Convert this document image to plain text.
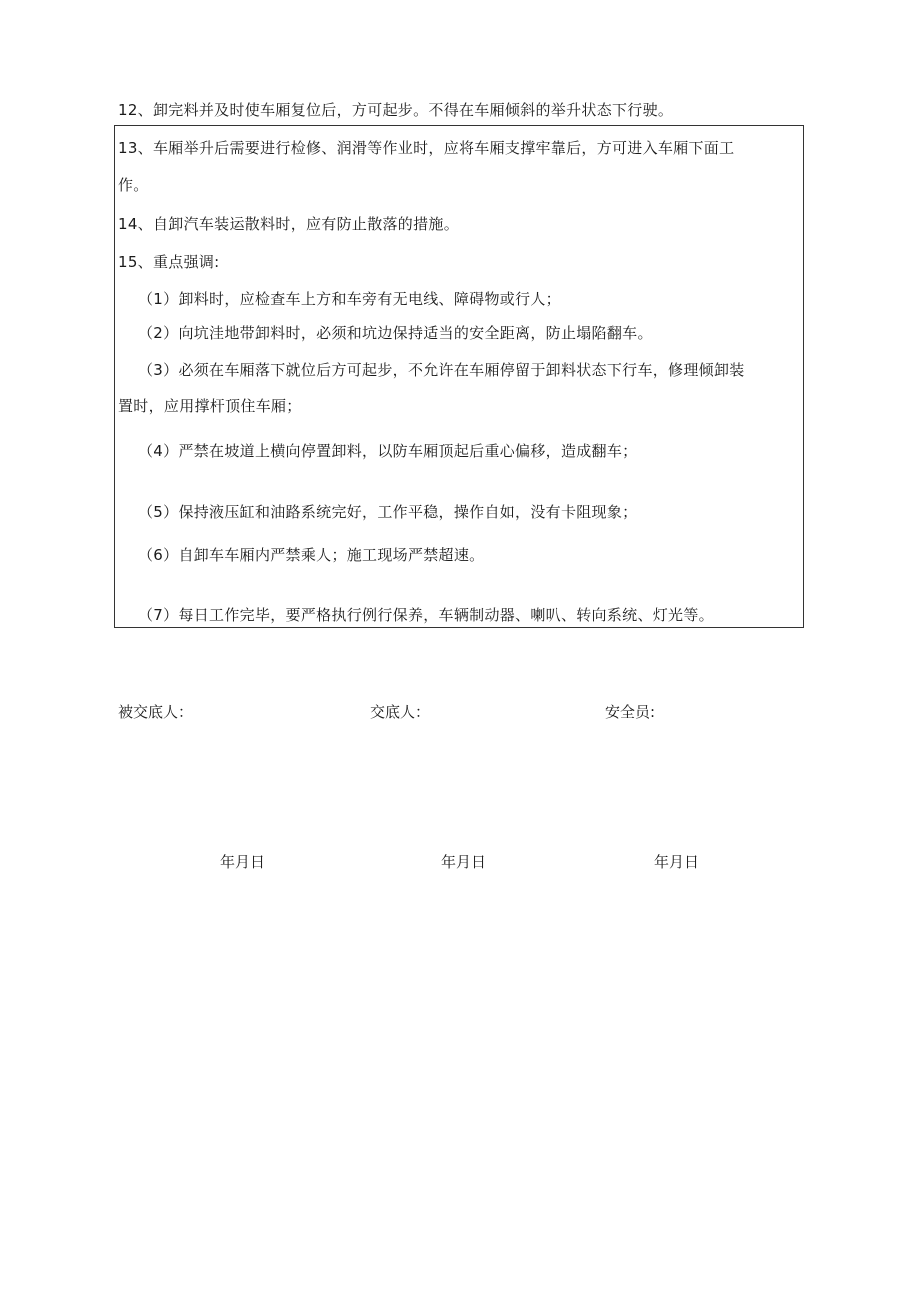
12、卸完料并及时使车厢复位后，方可起步。不得在车厢倾斜的举升状态下行驶。
13、车厢举升后需要进行检修、润滑等作业时，应将车厢支撑牢靠后，方可进入车厢下面工
作。
14、自卸汽车装运散料时，应有防止散落的措施。
15、重点强调:
（1）卸料时，应检查车上方和车旁有无电线、障碍物或行人；
（2）向坑洼地带卸料时，必须和坑边保持适当的安全距离，防止塌陷翻车。
（3）必须在车厢落下就位后方可起步，不允许在车厢停留于卸料状态下行车，修理倾卸装
置时，应用撑杆顶住车厢；
（4）严禁在坡道上横向停置卸料，以防车厢顶起后重心偏移，造成翻车；
（5）保持液压缸和油路系统完好，工作平稳，操作自如，没有卡阻现象；
（6）自卸车车厢内严禁乘人；施工现场严禁超速。
（7）每日工作完毕，要严格执行例行保养，车辆制动器、喇叭、转向系统、灯光等。
被交底人：	交底人：	安全员:
年月日	年月日	年月日
